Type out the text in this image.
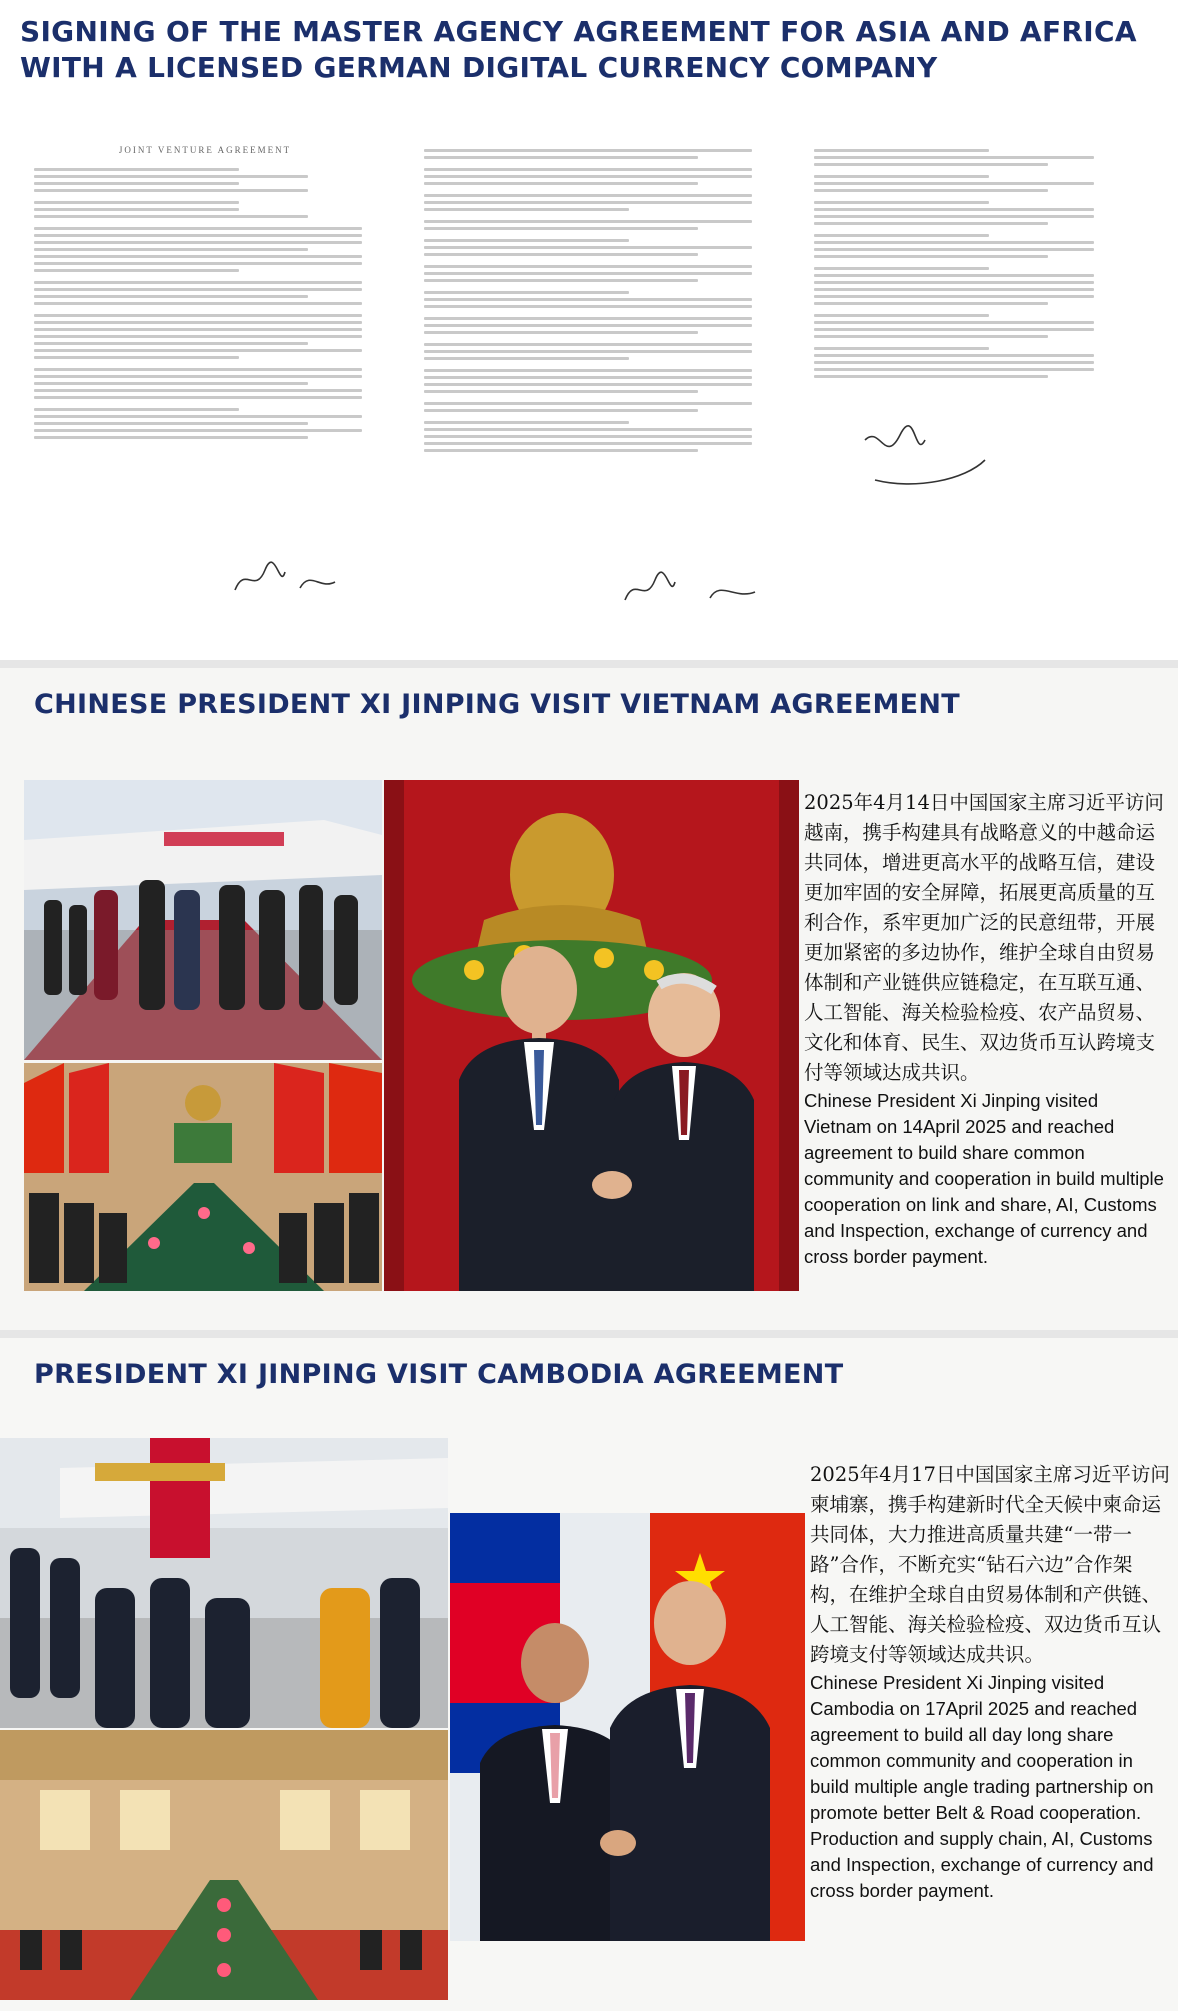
SIGNING OF THE MASTER AGENCY AGREEMENT FOR ASIA AND AFRICA WITH A LICENSED GERMAN DIGITAL CURRENCY COMPANY
JOINT VENTURE AGREEMENT
CHINESE PRESIDENT XI JINPING VISIT VIETNAM AGREEMENT

2025年4月14日中国国家主席习近平访问越南，携手构建具有战略意义的中越命运共同体，增进更高水平的战略互信，建设更加牢固的安全屏障，拓展更高质量的互利合作，系牢更加广泛的民意纽带，开展更加紧密的多边协作，维护全球自由贸易体制和产业链供应链稳定，在互联互通、人工智能、海关检验检疫、农产品贸易、文化和体育、民生、双边货币互认跨境支付等领域达成共识。

Chinese President Xi Jinping visited Vietnam on 14April 2025 and reached agreement to build share common community and cooperation in build multiple cooperation on link and share, AI, Customs and Inspection, exchange of currency and cross border payment.

PRESIDENT XI JINPING VISIT CAMBODIA AGREEMENT

2025年4月17日中国国家主席习近平访问柬埔寨，携手构建新时代全天候中柬命运共同体，大力推进高质量共建“一带一路”合作，不断充实“钻石六边”合作架构，在维护全球自由贸易体制和产供链、人工智能、海关检验检疫、双边货币互认跨境支付等领域达成共识。

Chinese President Xi Jinping visited Cambodia on 17April 2025 and reached agreement to build all day long share common community and cooperation in build multiple angle trading partnership on promote better Belt & Road cooperation. Production and supply chain, AI, Customs and Inspection, exchange of currency and cross border payment.
